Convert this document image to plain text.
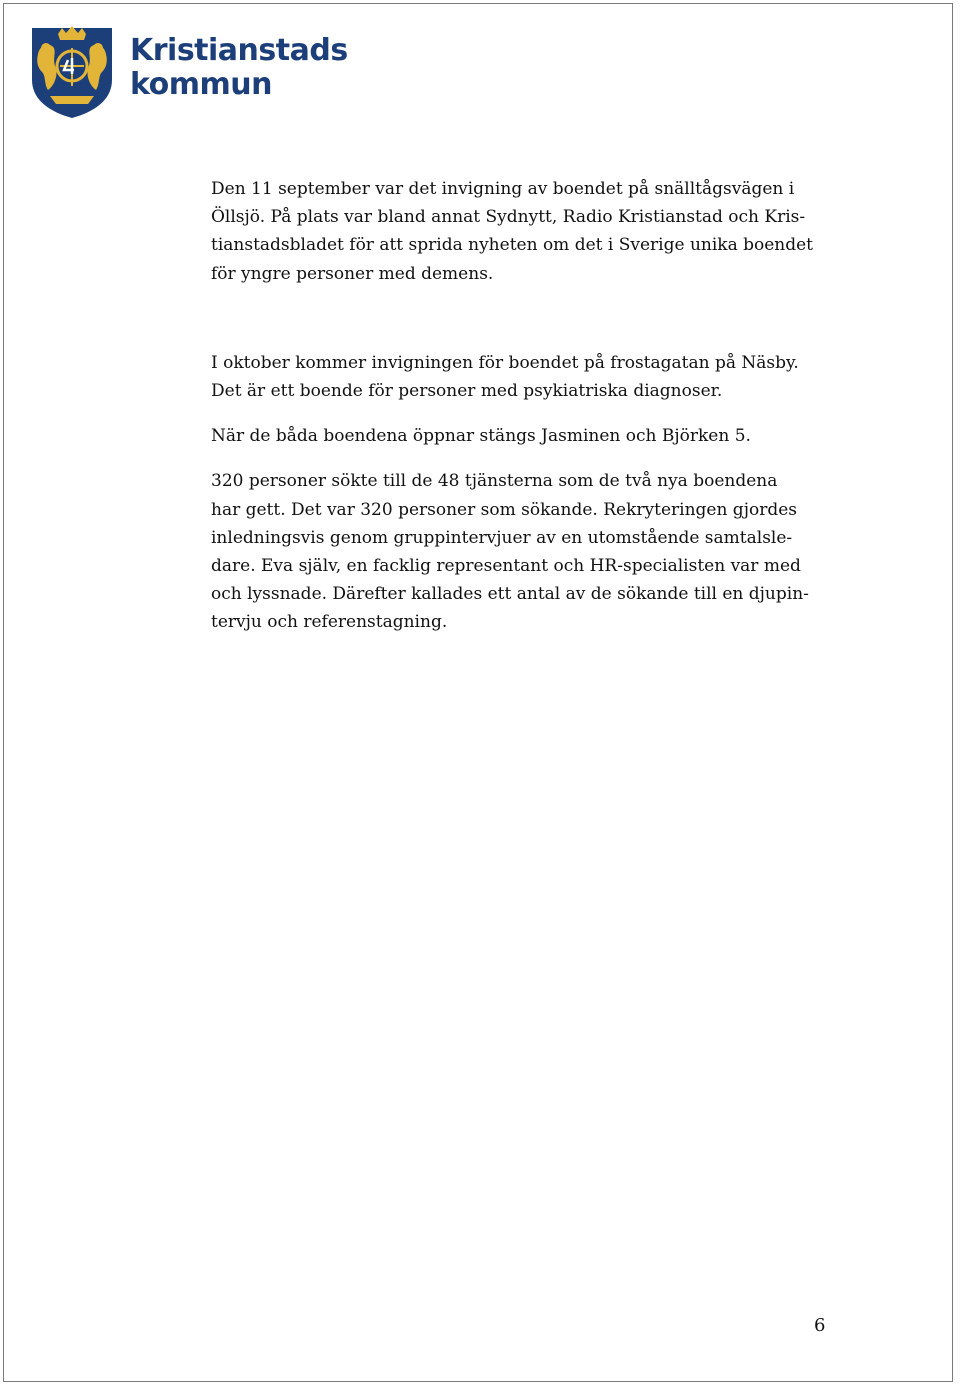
Kristianstads
kommun

Den 11 september var det invigning av boendet på snälltågsvägen i
Öllsjö. På plats var bland annat Sydnytt, Radio Kristianstad och Kris-
tianstadsbladet för att sprida nyheten om det i Sverige unika boendet
för yngre personer med demens.

I oktober kommer invigningen för boendet på frostagatan på Näsby.
Det är ett boende för personer med psykiatriska diagnoser.

När de båda boendena öppnar stängs Jasminen och Björken 5.

320 personer sökte till de 48 tjänsterna som de två nya boendena
har gett. Det var 320 personer som sökande. Rekryteringen gjordes
inledningsvis genom gruppintervjuer av en utomstående samtalsle-
dare. Eva själv, en facklig representant och HR-specialisten var med
och lyssnade. Därefter kallades ett antal av de sökande till en djupin-
tervju och referenstagning.

6
